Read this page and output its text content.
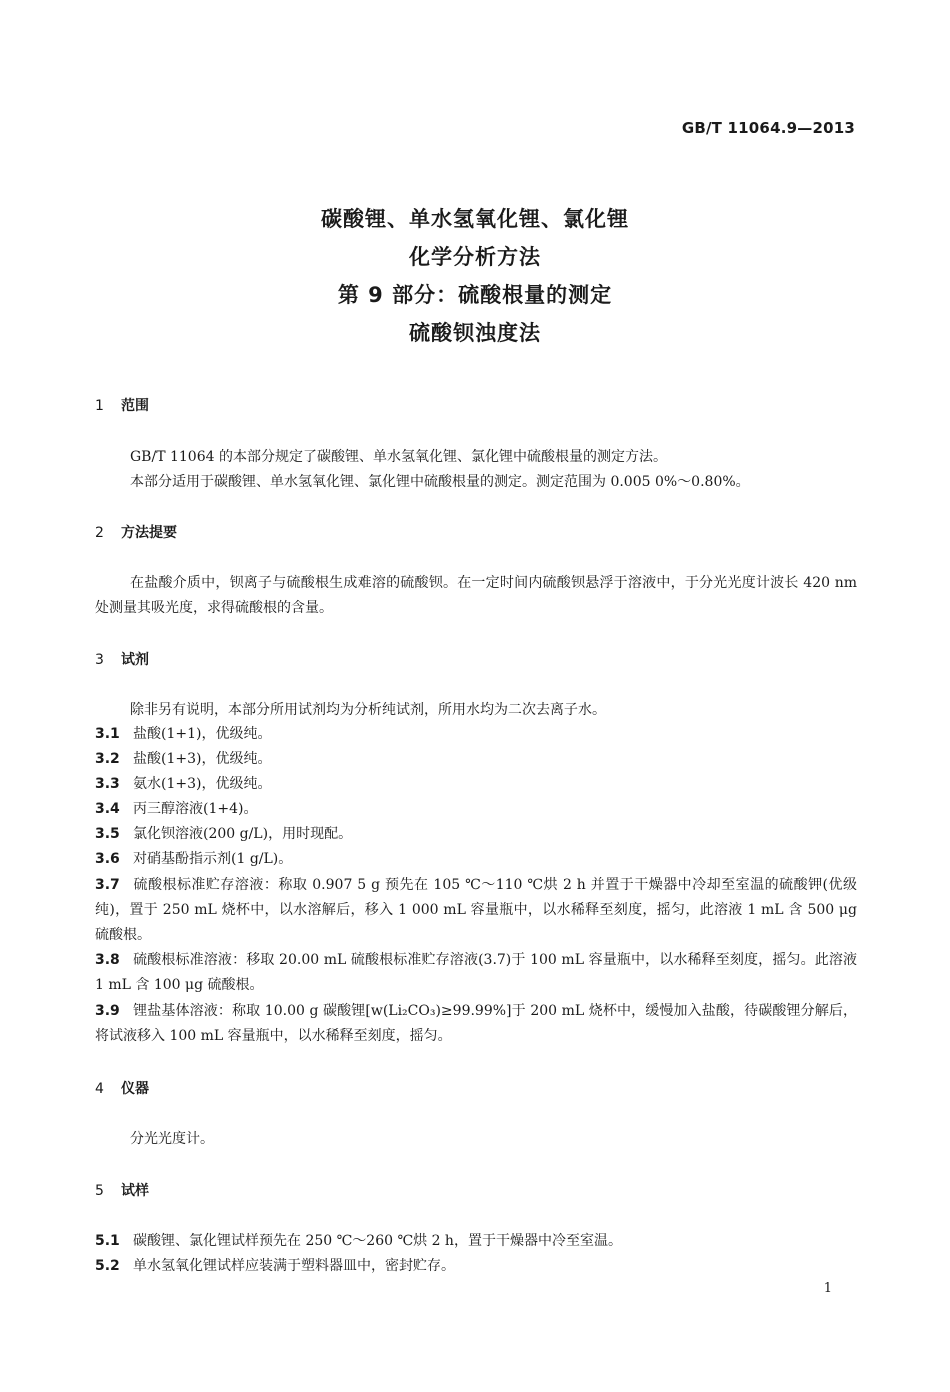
GB/T 11064.9—2013
碳酸锂、单水氢氧化锂、氯化锂
化学分析方法
第 9 部分：硫酸根量的测定
硫酸钡浊度法
1 范围
GB/T 11064 的本部分规定了碳酸锂、单水氢氧化锂、氯化锂中硫酸根量的测定方法。
本部分适用于碳酸锂、单水氢氧化锂、氯化锂中硫酸根量的测定。测定范围为 0.005 0%～0.80%。
2 方法提要
在盐酸介质中，钡离子与硫酸根生成难溶的硫酸钡。在一定时间内硫酸钡悬浮于溶液中，于分光光度计波长 420 nm 处测量其吸光度，求得硫酸根的含量。
3 试剂
除非另有说明，本部分所用试剂均为分析纯试剂，所用水均为二次去离子水。
3.1 盐酸(1+1)，优级纯。
3.2 盐酸(1+3)，优级纯。
3.3 氨水(1+3)，优级纯。
3.4 丙三醇溶液(1+4)。
3.5 氯化钡溶液(200 g/L)，用时现配。
3.6 对硝基酚指示剂(1 g/L)。
3.7 硫酸根标准贮存溶液：称取 0.907 5 g 预先在 105 ℃～110 ℃烘 2 h 并置于干燥器中冷却至室温的硫酸钾(优级纯)，置于 250 mL 烧杯中，以水溶解后，移入 1 000 mL 容量瓶中，以水稀释至刻度，摇匀，此溶液 1 mL 含 500 μg 硫酸根。
3.8 硫酸根标准溶液：移取 20.00 mL 硫酸根标准贮存溶液(3.7)于 100 mL 容量瓶中，以水稀释至刻度，摇匀。此溶液 1 mL 含 100 μg 硫酸根。
3.9 锂盐基体溶液：称取 10.00 g 碳酸锂[w(Li₂CO₃)≥99.99%]于 200 mL 烧杯中，缓慢加入盐酸，待碳酸锂分解后，将试液移入 100 mL 容量瓶中，以水稀释至刻度，摇匀。
4 仪器
分光光度计。
5 试样
5.1 碳酸锂、氯化锂试样预先在 250 ℃～260 ℃烘 2 h，置于干燥器中冷至室温。
5.2 单水氢氧化锂试样应装满于塑料器皿中，密封贮存。
1
